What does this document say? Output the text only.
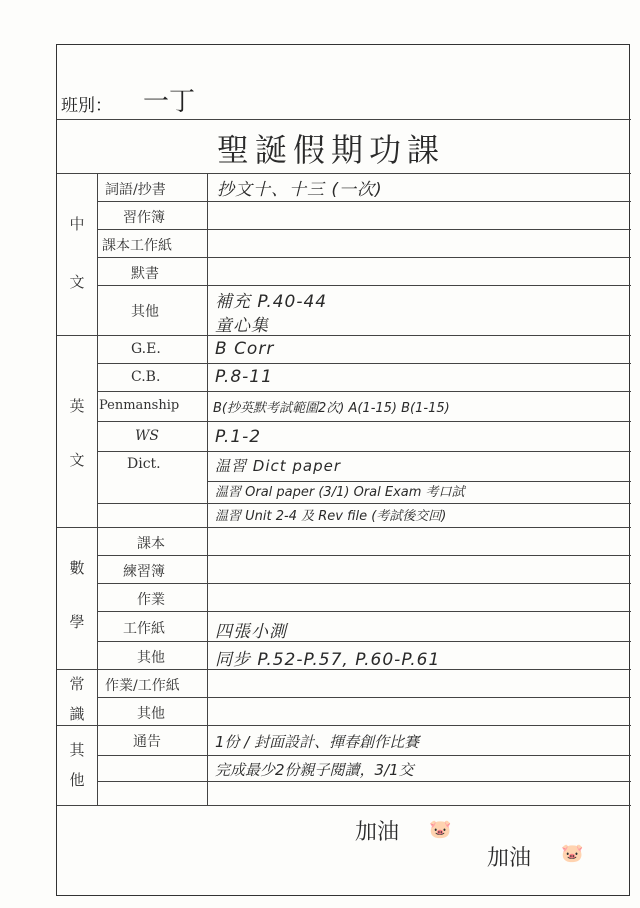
班別： 一丁
聖誕假期功課
中
文
英
文
數
學
常
識
其
他
詞語/抄書
習作簿
課本工作紙
默書
其他
G.E.
C.B.
Penmanship
WS
Dict.
課本
練習簿
作業
工作紙
其他
作業/工作紙
其他
通告
抄文十、十三 (一次)
補充 P.40-44
童心集
B Corr
P.8-11
B(抄英默考試範圍2次) A(1-15) B(1-15)
P.1-2
温習 Dict paper
温習 Oral paper (3/1) Oral Exam 考口試
温習 Unit 2-4 及 Rev file (考試後交回)
四張小測
同步 P.52-P.57, P.60-P.61
1份 / 封面設計、揮春創作比賽
完成最少2份親子閱讀，3/1交
加油 🐷
加油 🐷
